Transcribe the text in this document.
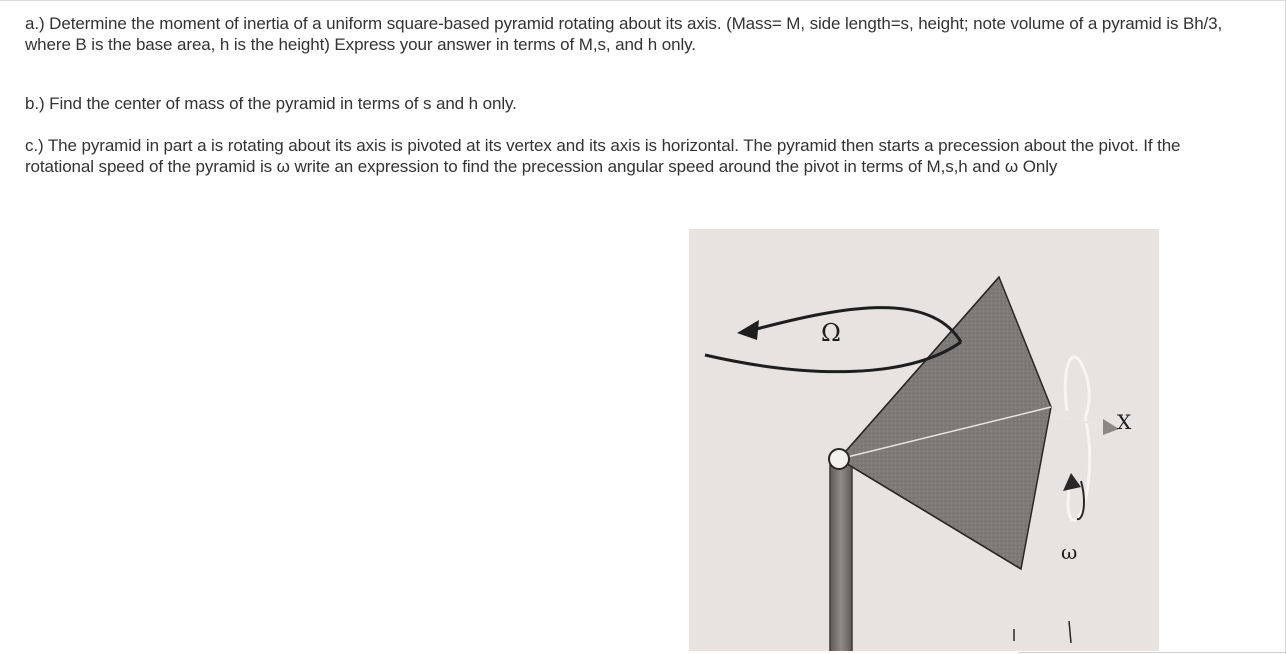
a.) Determine the moment of inertia of a uniform square-based pyramid rotating about its axis. (Mass= M, side length=s, height; note volume of a pyramid is Bh/3, where B is the base area, h is the height) Express your answer in terms of M,s, and h only.

b.) Find the center of mass of the pyramid in terms of s and h only.

c.) The pyramid in part a is rotating about its axis is pivoted at its vertex and its axis is horizontal. The pyramid then starts a precession about the pivot. If the rotational speed of the pyramid is ω write an expression to find the precession angular speed around the pivot in terms of M,s,h and ω Only

Ω
ω
X
